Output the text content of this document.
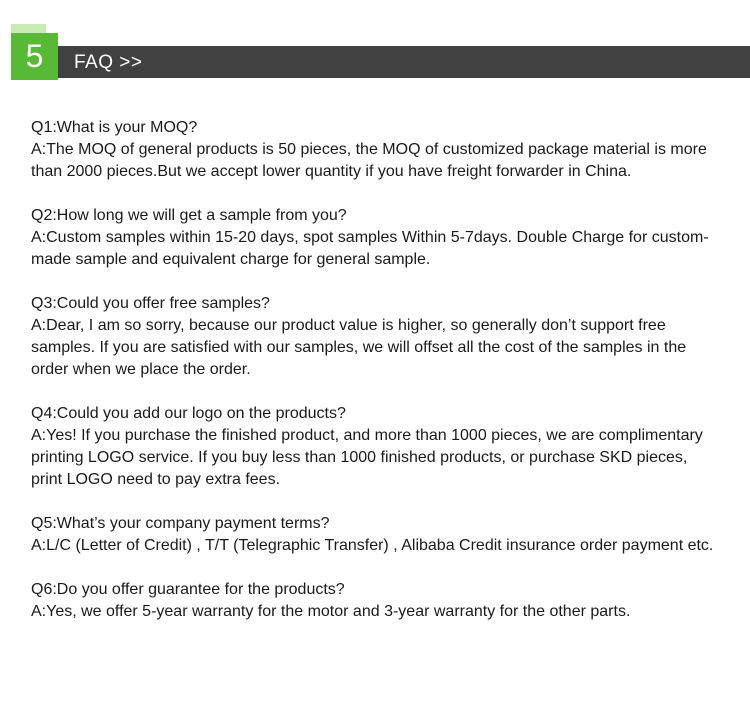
5	FAQ >>

Q1:What is your MOQ?

A:The MOQ of general products is 50 pieces, the MOQ of customized package material is more than 2000 pieces.But we accept lower quantity if you have freight forwarder in China.

Q2:How long we will get a sample from you?

A:Custom samples within 15-20 days, spot samples Within 5-7days. Double Charge for custom-made sample and equivalent charge for general sample.

Q3:Could you offer free samples?

A:Dear, I am so sorry, because our product value is higher, so generally don’t support free samples. If you are satisfied with our samples, we will offset all the cost of the samples in the order when we place the order.

Q4:Could you add our logo on the products?

A:Yes! If you purchase the finished product, and more than 1000 pieces, we are complimentary printing LOGO service. If you buy less than 1000 finished products, or purchase SKD pieces, print LOGO need to pay extra fees.

Q5:What’s your company payment terms?

A:L/C (Letter of Credit) , T/T (Telegraphic Transfer) , Alibaba Credit insurance order payment etc.

Q6:Do you offer guarantee for the products?

A:Yes, we offer 5-year warranty for the motor and 3-year warranty for the other parts.
